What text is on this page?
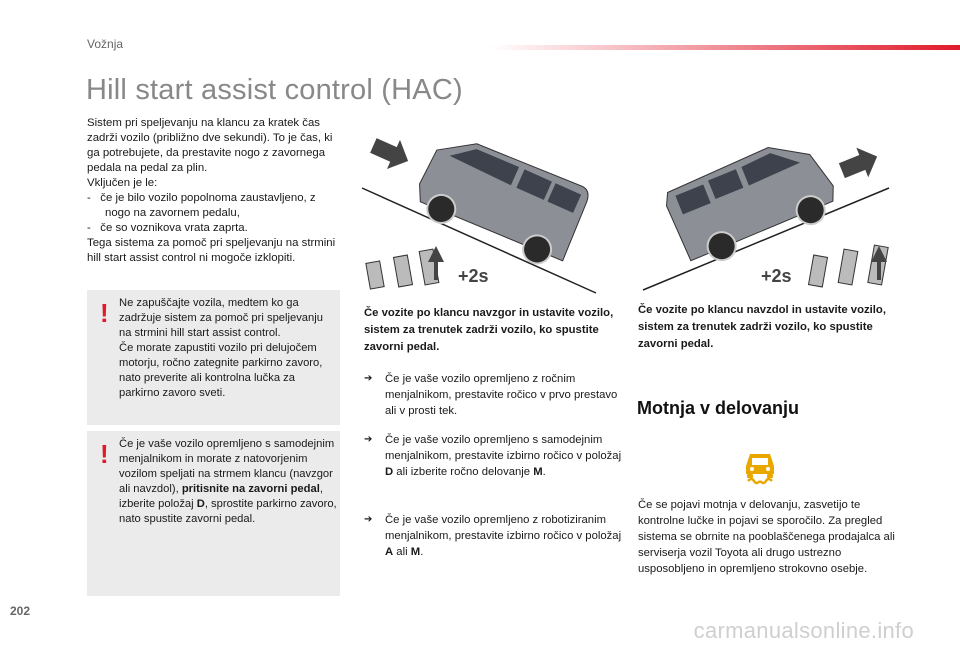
Vožnja
Hill start assist control (HAC)

Sistem pri speljevanju na klancu za kratek čas zadrži vozilo (približno dve sekundi). To je čas, ki ga potrebujete, da prestavite nogo z zavornega pedala na pedal za plin.

Vključen je le:

-   če je bilo vozilo popolnoma zaustavljeno, z nogo na zavornem pedalu,

-   če so voznikova vrata zaprta.

Tega sistema za pomoč pri speljevanju na strmini hill start assist control ni mogoče izklopiti.

! Ne zapuščajte vozila, medtem ko ga zadržuje sistem za pomoč pri speljevanju na strmini hill start assist control.

Če morate zapustiti vozilo pri delujočem motorju, ročno zategnite parkirno zavoro, nato preverite ali kontrolna lučka za parkirno zavoro sveti.

! Če je vaše vozilo opremljeno s samodejnim menjalnikom in morate z natovorjenim vozilom speljati na strmem klancu (navzgor ali navzdol), pritisnite na zavorni pedal, izberite položaj D, sprostite parkirno zavoro, nato spustite zavorni pedal.

+2s	+2s
Če vozite po klancu navzgor in ustavite vozilo, sistem za trenutek zadrži vozilo, ko spustite zavorni pedal.
Če vozite po klancu navzdol in ustavite vozilo, sistem za trenutek zadrži vozilo, ko spustite zavorni pedal.
➔ Če je vaše vozilo opremljeno z ročnim menjalnikom, prestavite ročico v prvo prestavo ali v prosti tek.
➔ Če je vaše vozilo opremljeno s samodejnim menjalnikom, prestavite izbirno ročico v položaj D ali izberite ročno delovanje M.
➔ Če je vaše vozilo opremljeno z robotiziranim menjalnikom, prestavite izbirno ročico v položaj A ali M.
Motnja v delovanju

Če se pojavi motnja v delovanju, zasvetijo te kontrolne lučke in pojavi se sporočilo. Za pregled sistema se obrnite na pooblaščenega prodajalca ali serviserja vozil Toyota ali drugo ustrezno usposobljeno in opremljeno strokovno osebje.

202
carmanualsonline.info
